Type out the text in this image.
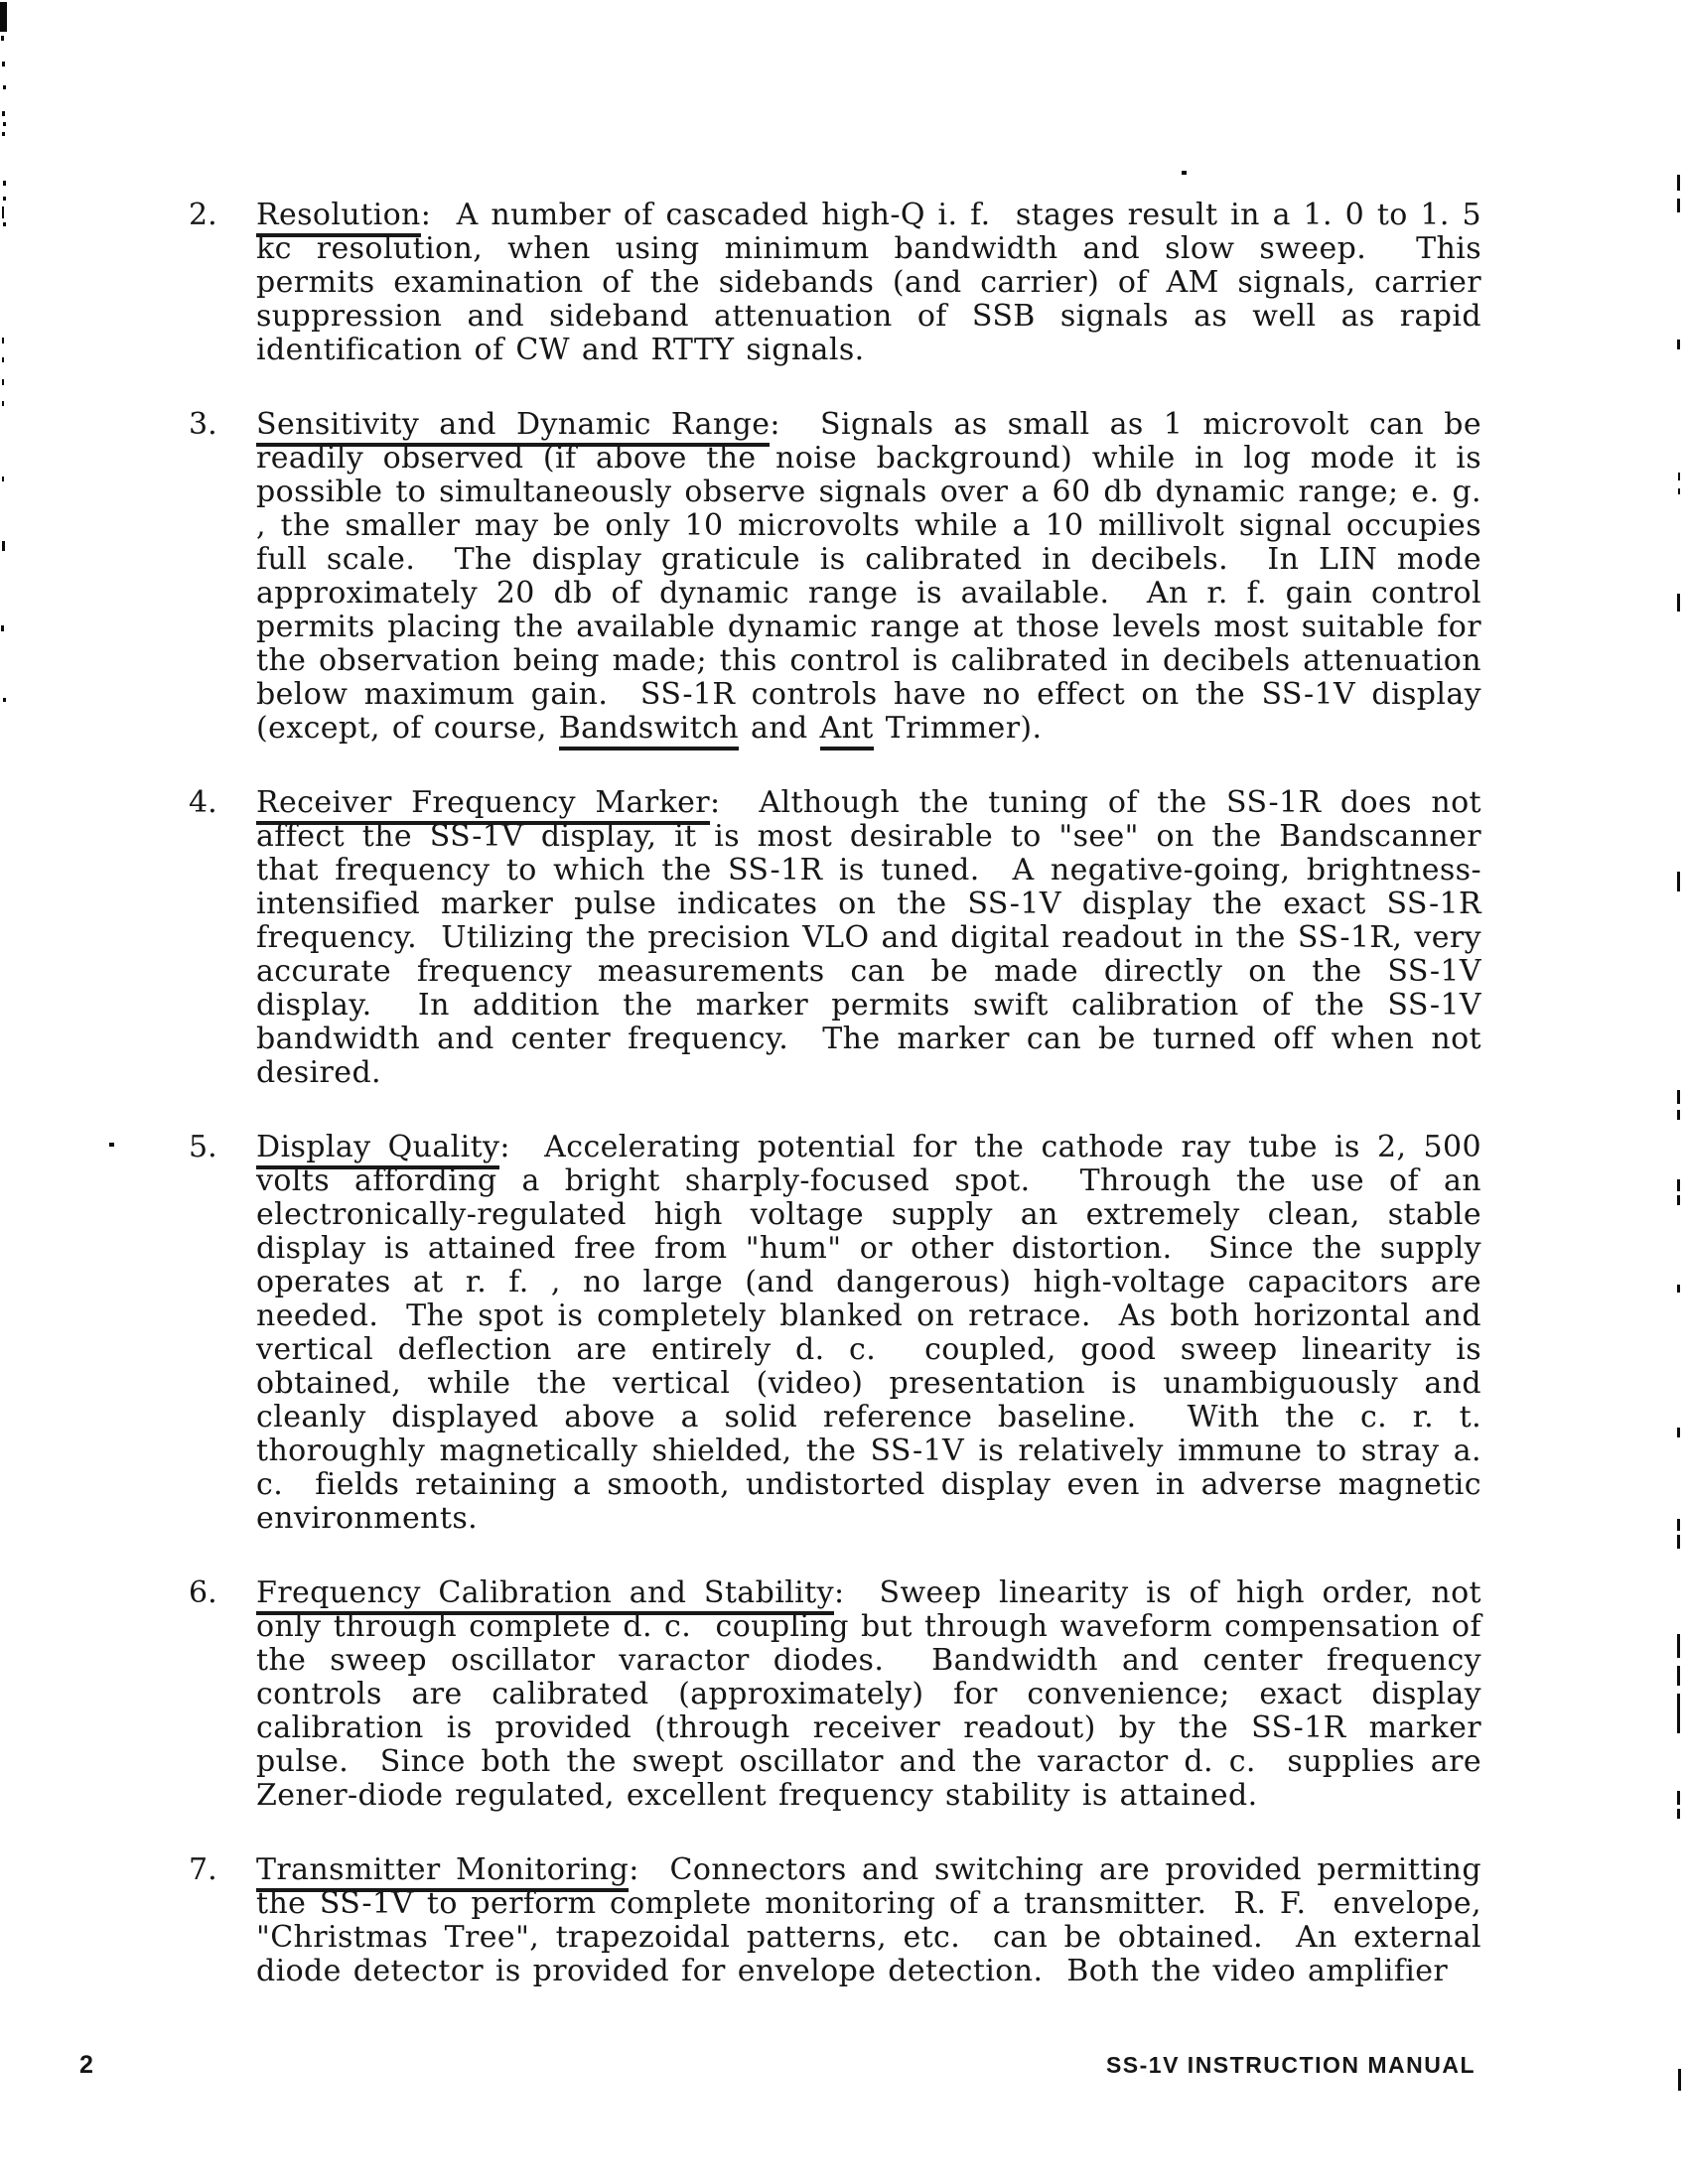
2.	Resolution:  A number of cascaded high-Q i. f.  stages result in a 1. 0 to 1. 5 kc resolution, when using minimum bandwidth and slow sweep.  This permits examination of the sidebands (and carrier) of AM signals, carrier suppression and sideband attenuation of SSB signals as well as rapid identification of CW and RTTY signals.
3.	Sensitivity and Dynamic Range:  Signals as small as 1 microvolt can be readily observed (if above the noise background) while in log mode it is possible to simultaneously observe signals over a 60 db dynamic range; e. g. , the smaller may be only 10 microvolts while a 10 millivolt signal occupies full scale.  The display graticule is calibrated in decibels.  In LIN mode approximately 20 db of dynamic range is available.  An r. f. gain control permits placing the available dynamic range at those levels most suitable for the observation being made; this control is calibrated in decibels attenuation below maximum gain.  SS-1R controls have no effect on the SS-1V display (except, of course, Bandswitch and Ant Trimmer).
4.	Receiver Frequency Marker:  Although the tuning of the SS-1R does not affect the SS-1V display, it is most desirable to "see" on the Bandscanner that frequency to which the SS-1R is tuned.  A negative-going, brightness-intensified marker pulse indicates on the SS-1V display the exact SS-1R frequency.  Utilizing the precision VLO and digital readout in the SS-1R, very accurate frequency measurements can be made directly on the SS-1V display.  In addition the marker permits swift calibration of the SS-1V bandwidth and center frequency.  The marker can be turned off when not desired.
5.	Display Quality:  Accelerating potential for the cathode ray tube is 2, 500 volts affording a bright sharply-focused spot.  Through the use of an electronically-regulated high voltage supply an extremely clean, stable display is attained free from "hum" or other distortion.  Since the supply operates at r. f. , no large (and dangerous) high-voltage capacitors are needed.  The spot is completely blanked on retrace.  As both horizontal and vertical deflection are entirely d. c.  coupled, good sweep linearity is obtained, while the vertical (video) presentation is unambiguously and cleanly displayed above a solid reference baseline.  With the c. r. t. thoroughly magnetically shielded, the SS-1V is relatively immune to stray a. c.  fields retaining a smooth, undistorted display even in adverse magnetic environments.
6.	Frequency Calibration and Stability:  Sweep linearity is of high order, not only through complete d. c.  coupling but through waveform compensation of the sweep oscillator varactor diodes.  Bandwidth and center frequency controls are calibrated (approximately) for convenience; exact display calibration is provided (through receiver readout) by the SS-1R marker pulse.  Since both the swept oscillator and the varactor d. c.  supplies are Zener-diode regulated, excellent frequency stability is attained.
7.	Transmitter Monitoring:  Connectors and switching are provided permitting the SS-1V to perform complete monitoring of a transmitter.  R. F.  envelope, "Christmas Tree", trapezoidal patterns, etc.  can be obtained.  An external diode detector is provided for envelope detection.  Both the video amplifier
2	SS-1V INSTRUCTION MANUAL
